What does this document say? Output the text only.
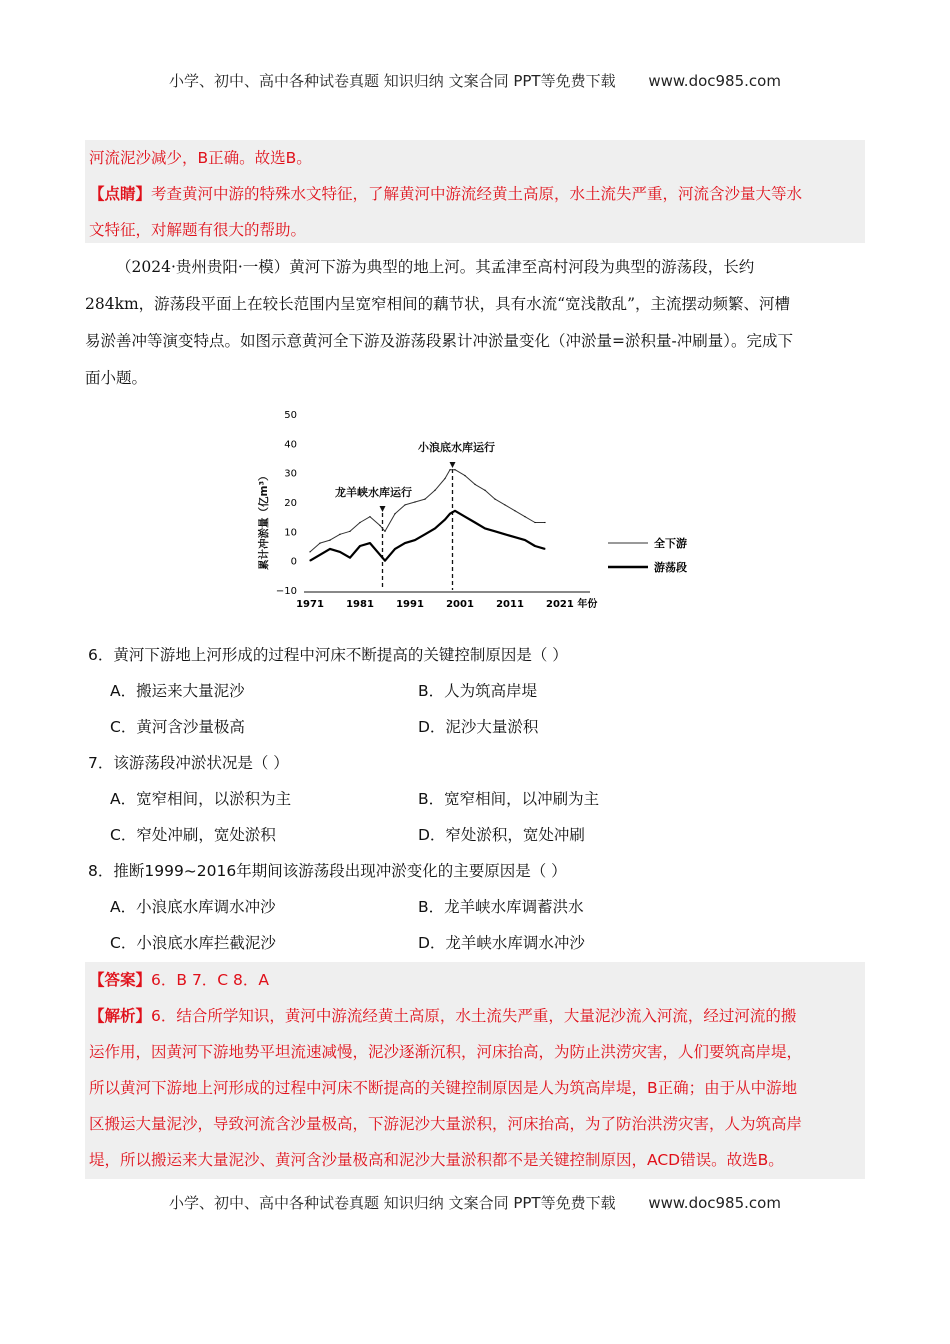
小学、初中、高中各种试卷真题 知识归纳 文案合同 PPT等免费下载 www.doc985.com

河流泥沙减少，B正确。故选B。

【点睛】考查黄河中游的特殊水文特征，了解黄河中游流经黄土高原，水土流失严重，河流含沙量大等水

文特征，对解题有很大的帮助。

（2024·贵州贵阳·一模）黄河下游为典型的地上河。其孟津至高村河段为典型的游荡段，长约

284km，游荡段平面上在较长范围内呈宽窄相间的藕节状，具有水流“宽浅散乱”，主流摆动频繁、河槽

易淤善冲等演变特点。如图示意黄河全下游及游荡段累计冲淤量变化（冲淤量=淤积量-冲刷量）。完成下

面小题。

50
40
30
20
10
0
−10
1971 1981 1991 2001 2011 2021 年份
累计冲淤量（亿m³）
小浪底水库运行
龙羊峡水库运行
全下游
游荡段
6．黄河下游地上河形成的过程中河床不断提高的关键控制原因是（ ）
A．搬运来大量泥沙	B．人为筑高岸堤
C．黄河含沙量极高	D．泥沙大量淤积
7．该游荡段冲淤状况是（ ）
A．宽窄相间，以淤积为主	B．宽窄相间，以冲刷为主
C．窄处冲刷，宽处淤积	D．窄处淤积，宽处冲刷
8．推断1999~2016年期间该游荡段出现冲淤变化的主要原因是（ ）
A．小浪底水库调水冲沙	B．龙羊峡水库调蓄洪水
C．小浪底水库拦截泥沙	D．龙羊峡水库调水冲沙

【答案】6．B 7．C 8．A

【解析】6．结合所学知识，黄河中游流经黄土高原，水土流失严重，大量泥沙流入河流，经过河流的搬

运作用，因黄河下游地势平坦流速减慢，泥沙逐渐沉积，河床抬高，为防止洪涝灾害，人们要筑高岸堤，

所以黄河下游地上河形成的过程中河床不断提高的关键控制原因是人为筑高岸堤，B正确；由于从中游地

区搬运大量泥沙，导致河流含沙量极高，下游泥沙大量淤积，河床抬高，为了防治洪涝灾害，人为筑高岸

堤，所以搬运来大量泥沙、黄河含沙量极高和泥沙大量淤积都不是关键控制原因，ACD错误。故选B。

小学、初中、高中各种试卷真题 知识归纳 文案合同 PPT等免费下载 www.doc985.com
